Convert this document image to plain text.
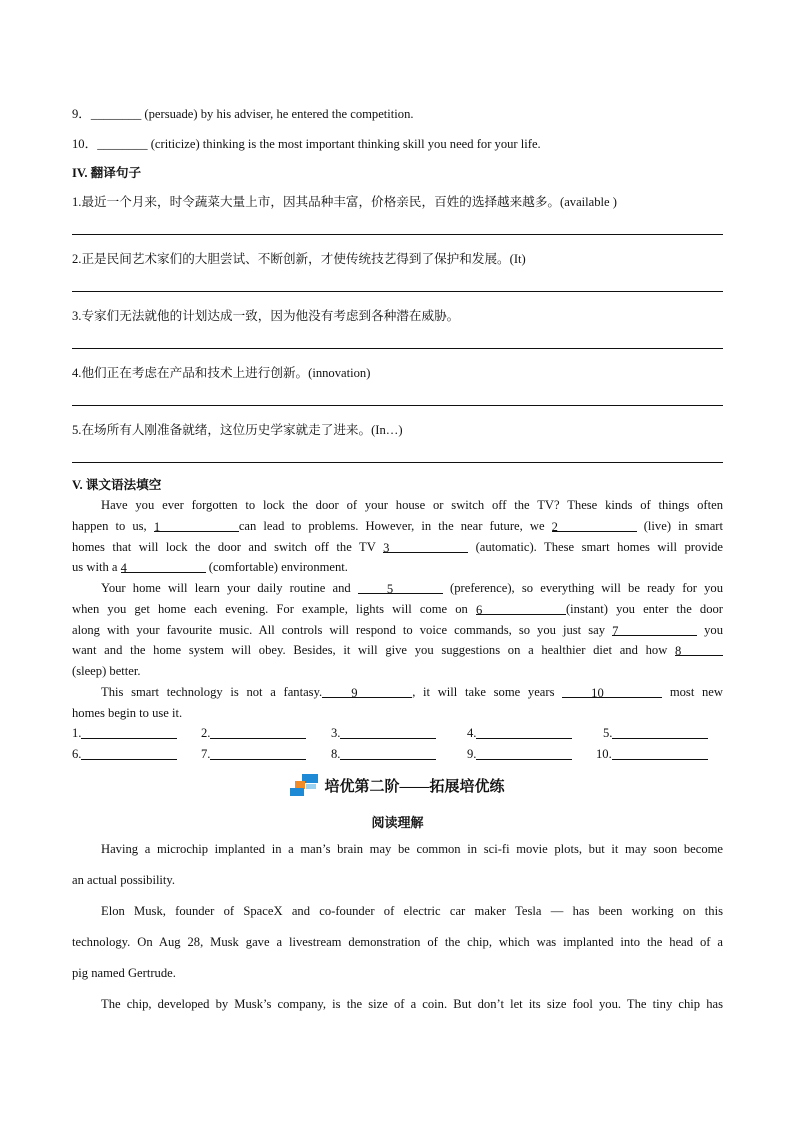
9．________ (persuade) by his adviser, he entered the competition.
10．________ (criticize) thinking is the most important thinking skill you need for your life.
IV. 翻译句子
1.最近一个月来，时令蔬菜大量上市，因其品种丰富，价格亲民，百姓的选择越来越多。(available )
2.正是民间艺术家们的大胆尝试、不断创新，才使传统技艺得到了保护和发展。(It)
3.专家们无法就他的计划达成一致，因为他没有考虑到各种潜在威胁。
4.他们正在考虑在产品和技术上进行创新。(innovation)
5.在场所有人刚准备就绪，这位历史学家就走了进来。(In…)
V. 课文语法填空
Have you ever forgotten to lock the door of your house or switch off the TV? These kinds of things often
happen to us, 1	can lead to problems. However, in the near future, we 2	(live) in smart
homes that will lock the door and switch off the TV 3	(automatic). These smart homes will provide
us with a 4	(comfortable) environment.
Your home will learn your daily routine and 5	(preference), so everything will be ready for you
when you get home each evening. For example, lights will come on 6	(instant) you enter the door
along with your favourite music. All controls will respond to voice commands, so you just say 7	you
want and the home system will obey. Besides, it will give you suggestions on a healthier diet and how 8
(sleep) better.
This smart technology is not a fantasy. 9	, it will take some years 10	most new
homes begin to use it.
1.	2.	3.	4.	5.
6.	7.	8.	9.	10.
培优第二阶——拓展培优练
阅读理解
Having a microchip implanted in a man’s brain may be common in sci-fi movie plots, but it may soon become
an actual possibility.
Elon Musk, founder of SpaceX and co-founder of electric car maker Tesla — has been working on this
technology. On Aug 28, Musk gave a livestream demonstration of the chip, which was implanted into the head of a
pig named Gertrude.
The chip, developed by Musk’s company, is the size of a coin. But don’t let its size fool you. The tiny chip has
